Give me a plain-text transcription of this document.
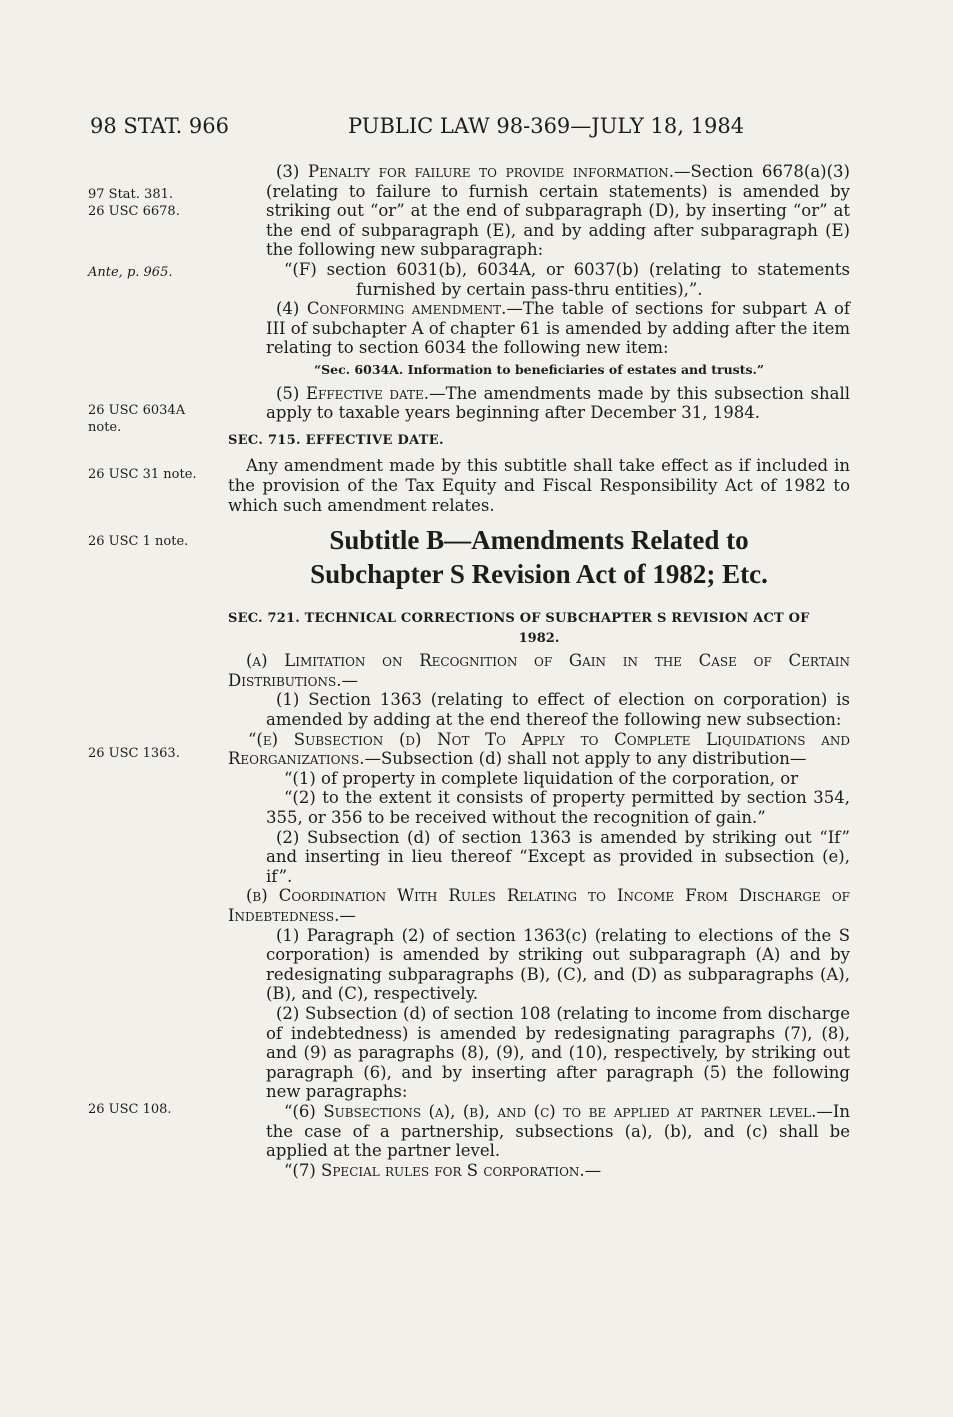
98 STAT. 966	PUBLIC LAW 98-369—JULY 18, 1984
97 Stat. 381.
26 USC 6678.
Ante, p. 965.
26 USC 6034A
note.
26 USC 31 note.
26 USC 1 note.
26 USC 1363.
26 USC 108.

(3) Penalty for failure to provide information.—Section 6678(a)(3) (relating to failure to furnish certain statements) is amended by striking out “or” at the end of subparagraph (D), by inserting “or” at the end of subparagraph (E), and by adding after subparagraph (E) the following new subparagraph:

“(F) section 6031(b), 6034A, or 6037(b) (relating to statements furnished by certain pass-thru entities),”.

(4) Conforming amendment.—The table of sections for subpart A of III of subchapter A of chapter 61 is amended by adding after the item relating to section 6034 the following new item:

“Sec. 6034A. Information to beneficiaries of estates and trusts.”

(5) Effective date.—The amendments made by this subsection shall apply to taxable years beginning after December 31, 1984.

SEC. 715. EFFECTIVE DATE.

Any amendment made by this subtitle shall take effect as if included in the provision of the Tax Equity and Fiscal Responsibility Act of 1982 to which such amendment relates.

Subtitle B—Amendments Related to
Subchapter S Revision Act of 1982; Etc.

SEC. 721. TECHNICAL CORRECTIONS OF SUBCHAPTER S REVISION ACT OF

1982.

(a) Limitation on Recognition of Gain in the Case of Certain Distributions.—

(1) Section 1363 (relating to effect of election on corporation) is amended by adding at the end thereof the following new subsection:

“(e) Subsection (d) Not To Apply to Complete Liquidations and Reorganizations.—Subsection (d) shall not apply to any distribution—

“(1) of property in complete liquidation of the corporation, or

“(2) to the extent it consists of property permitted by section 354, 355, or 356 to be received without the recognition of gain.”

(2) Subsection (d) of section 1363 is amended by striking out “If” and inserting in lieu thereof “Except as provided in subsection (e), if”.

(b) Coordination With Rules Relating to Income From Discharge of Indebtedness.—

(1) Paragraph (2) of section 1363(c) (relating to elections of the S corporation) is amended by striking out subparagraph (A) and by redesignating subparagraphs (B), (C), and (D) as subparagraphs (A), (B), and (C), respectively.

(2) Subsection (d) of section 108 (relating to income from discharge of indebtedness) is amended by redesignating paragraphs (7), (8), and (9) as paragraphs (8), (9), and (10), respectively, by striking out paragraph (6), and by inserting after paragraph (5) the following new paragraphs:

“(6) Subsections (a), (b), and (c) to be applied at partner level.—In the case of a partnership, subsections (a), (b), and (c) shall be applied at the partner level.

“(7) Special rules for S corporation.—
